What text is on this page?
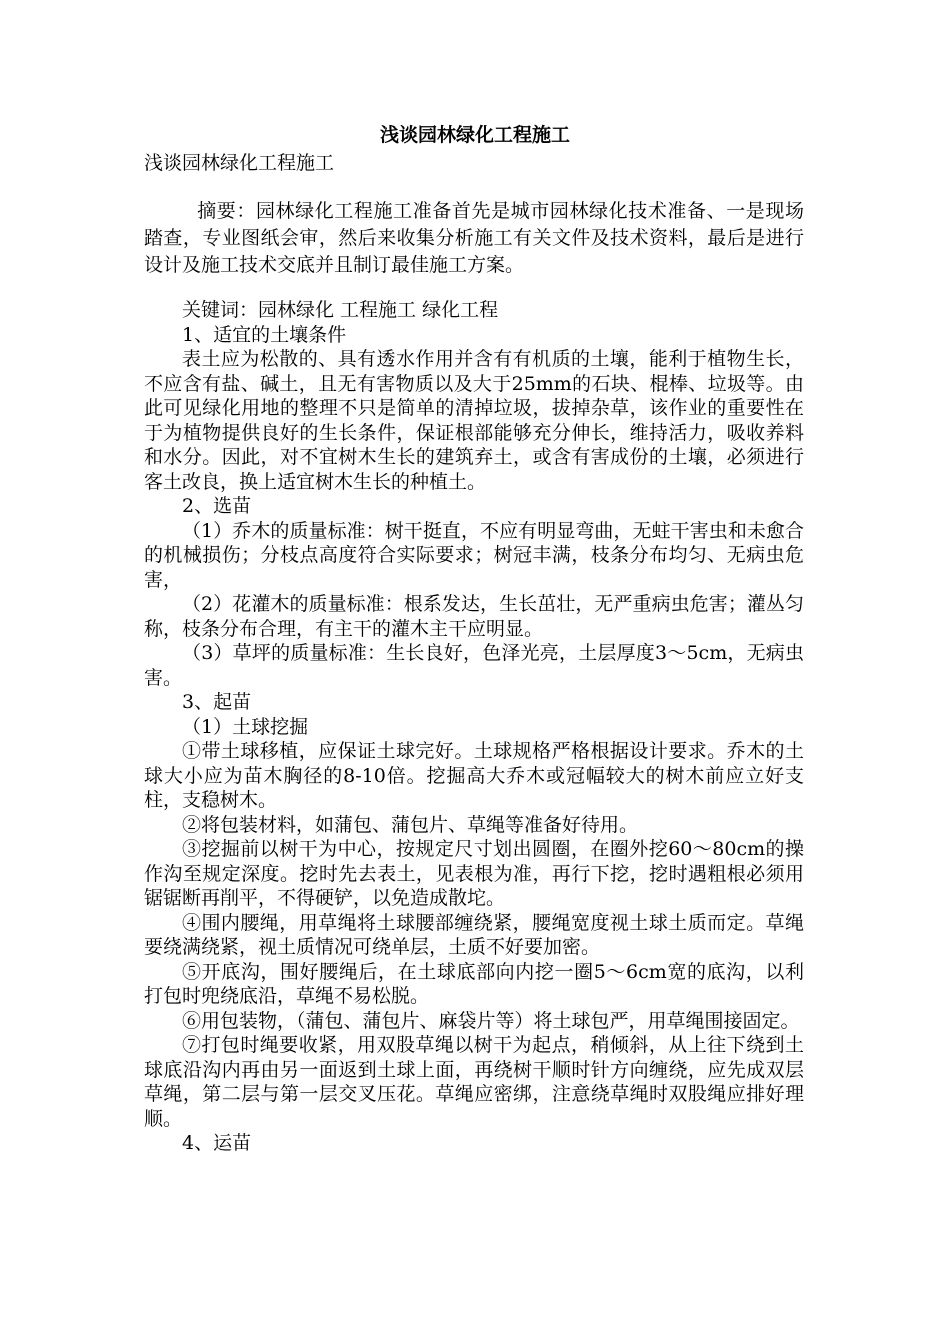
浅谈园林绿化工程施工
浅谈园林绿化工程施工

摘要：园林绿化工程施工准备首先是城市园林绿化技术准备、一是现场踏查，专业图纸会审，然后来收集分析施工有关文件及技术资料，最后是进行设计及施工技术交底并且制订最佳施工方案。

关键词：园林绿化 工程施工 绿化工程

1、适宜的土壤条件

表土应为松散的、具有透水作用并含有有机质的土壤，能利于植物生长，不应含有盐、碱土，且无有害物质以及大于25mm的石块、棍棒、垃圾等。由此可见绿化用地的整理不只是简单的清掉垃圾，拔掉杂草，该作业的重要性在于为植物提供良好的生长条件，保证根部能够充分伸长，维持活力，吸收养料和水分。因此，对不宜树木生长的建筑弃土，或含有害成份的土壤，必须进行客土改良，换上适宜树木生长的种植土。

2、选苗

（1）乔木的质量标准：树干挺直，不应有明显弯曲，无蛀干害虫和未愈合的机械损伤；分枝点高度符合实际要求；树冠丰满，枝条分布均匀、无病虫危害，

（2）花灌木的质量标准：根系发达，生长茁壮，无严重病虫危害；灌丛匀称，枝条分布合理，有主干的灌木主干应明显。

（3）草坪的质量标准：生长良好，色泽光亮，土层厚度3～5cm，无病虫害。

3、起苗

（1）土球挖掘

①带土球移植，应保证土球完好。土球规格严格根据设计要求。乔木的土球大小应为苗木胸径的8-10倍。挖掘高大乔木或冠幅较大的树木前应立好支柱，支稳树木。

②将包装材料，如蒲包、蒲包片、草绳等准备好待用。

③挖掘前以树干为中心，按规定尺寸划出圆圈，在圈外挖60～80cm的操作沟至规定深度。挖时先去表土，见表根为准，再行下挖，挖时遇粗根必须用锯锯断再削平，不得硬铲，以免造成散坨。

④围内腰绳，用草绳将土球腰部缠绕紧，腰绳宽度视土球土质而定。草绳要绕满绕紧，视土质情况可绕单层，土质不好要加密。

⑤开底沟，围好腰绳后，在土球底部向内挖一圈5～6cm宽的底沟，以利打包时兜绕底沿，草绳不易松脱。

⑥用包装物，（蒲包、蒲包片、麻袋片等）将土球包严，用草绳围接固定。

⑦打包时绳要收紧，用双股草绳以树干为起点，稍倾斜，从上往下绕到土球底沿沟内再由另一面返到土球上面，再绕树干顺时针方向缠绕，应先成双层草绳，第二层与第一层交叉压花。草绳应密绑，注意绕草绳时双股绳应排好理顺。

4、运苗
